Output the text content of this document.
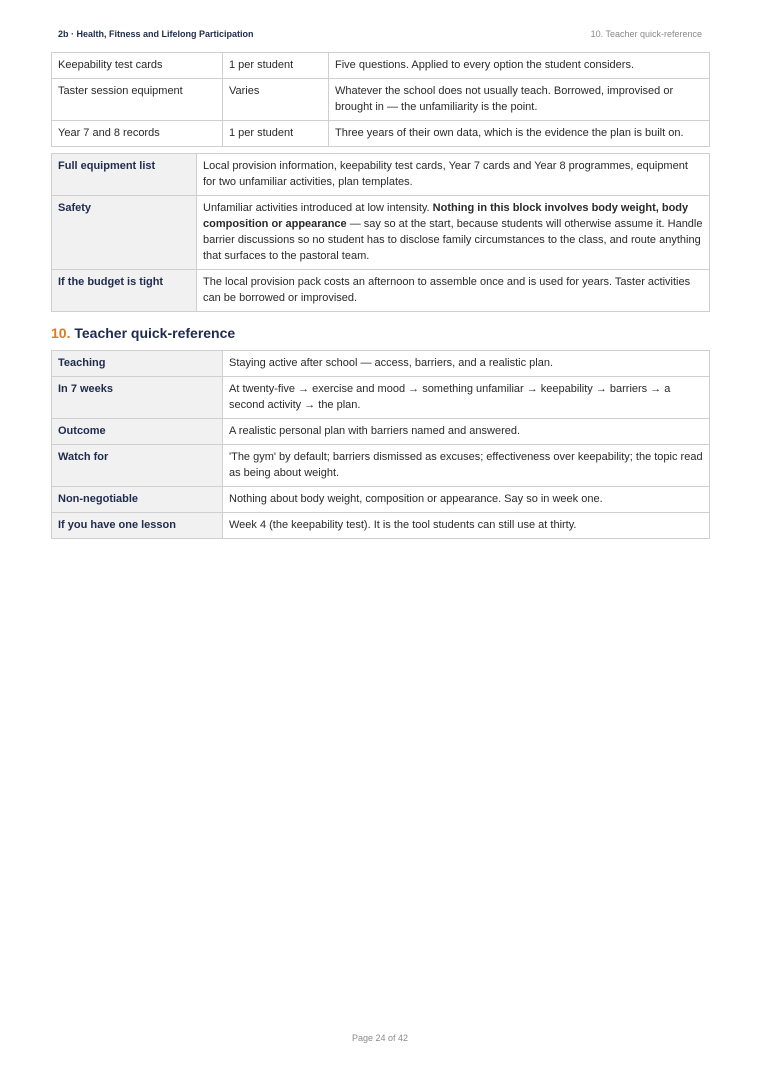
2b · Health, Fitness and Lifelong Participation	10. Teacher quick-reference
Keepability test cards	1 per student	Five questions. Applied to every option the student considers.
Taster session equipment	Varies	Whatever the school does not usually teach. Borrowed, improvised or brought in — the unfamiliarity is the point.
Year 7 and 8 records	1 per student	Three years of their own data, which is the evidence the plan is built on.
Full equipment list	Local provision information, keepability test cards, Year 7 cards and Year 8 programmes, equipment for two unfamiliar activities, plan templates.
Safety	Unfamiliar activities introduced at low intensity. Nothing in this block involves body weight, body composition or appearance — say so at the start, because students will otherwise assume it. Handle barrier discussions so no student has to disclose family circumstances to the class, and route anything that surfaces to the pastoral team.
If the budget is tight	The local provision pack costs an afternoon to assemble once and is used for years. Taster activities can be borrowed or improvised.
10. Teacher quick-reference
Teaching	Staying active after school — access, barriers, and a realistic plan.
In 7 weeks	At twenty-five → exercise and mood → something unfamiliar → keepability → barriers → a second activity → the plan.
Outcome	A realistic personal plan with barriers named and answered.
Watch for	'The gym' by default; barriers dismissed as excuses; effectiveness over keepability; the topic read as being about weight.
Non-negotiable	Nothing about body weight, composition or appearance. Say so in week one.
If you have one lesson	Week 4 (the keepability test). It is the tool students can still use at thirty.
Page 24 of 42
